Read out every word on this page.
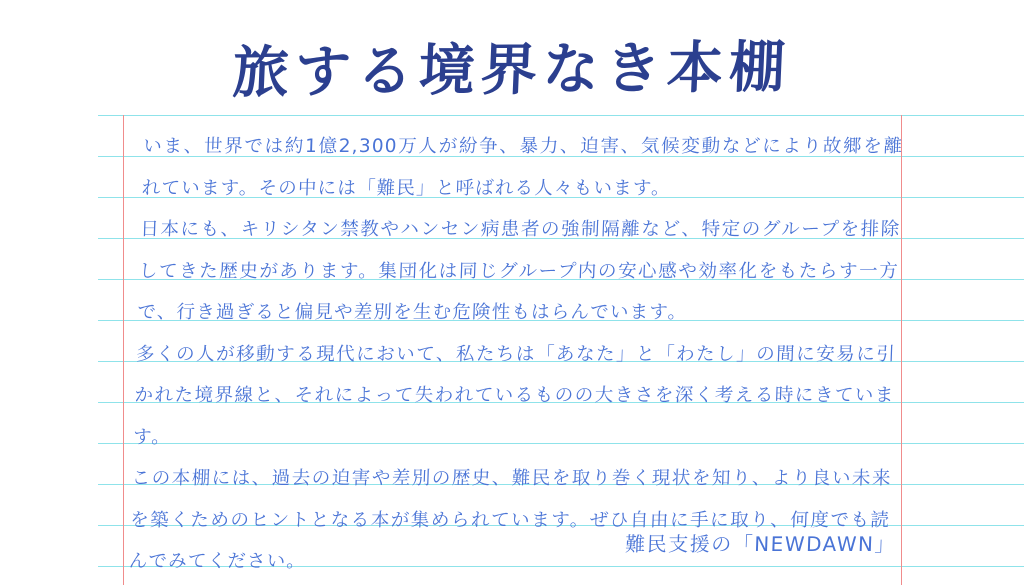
旅する境界なき本棚

いま、世界では約1億2,300万人が紛争、暴力、迫害、気候変動などにより故郷を離れています。その中には「難民」と呼ばれる人々もいます。

日本にも、キリシタン禁教やハンセン病患者の強制隔離など、特定のグループを排除してきた歴史があります。集団化は同じグループ内の安心感や効率化をもたらす一方で、行き過ぎると偏見や差別を生む危険性もはらんでいます。

多くの人が移動する現代において、私たちは「あなた」と「わたし」の間に安易に引かれた境界線と、それによって失われているものの大きさを深く考える時にきています。

この本棚には、過去の迫害や差別の歴史、難民を取り巻く現状を知り、より良い未来を築くためのヒントとなる本が集められています。ぜひ自由に手に取り、何度でも読んでみてください。

難民支援の「NEWDAWN」
